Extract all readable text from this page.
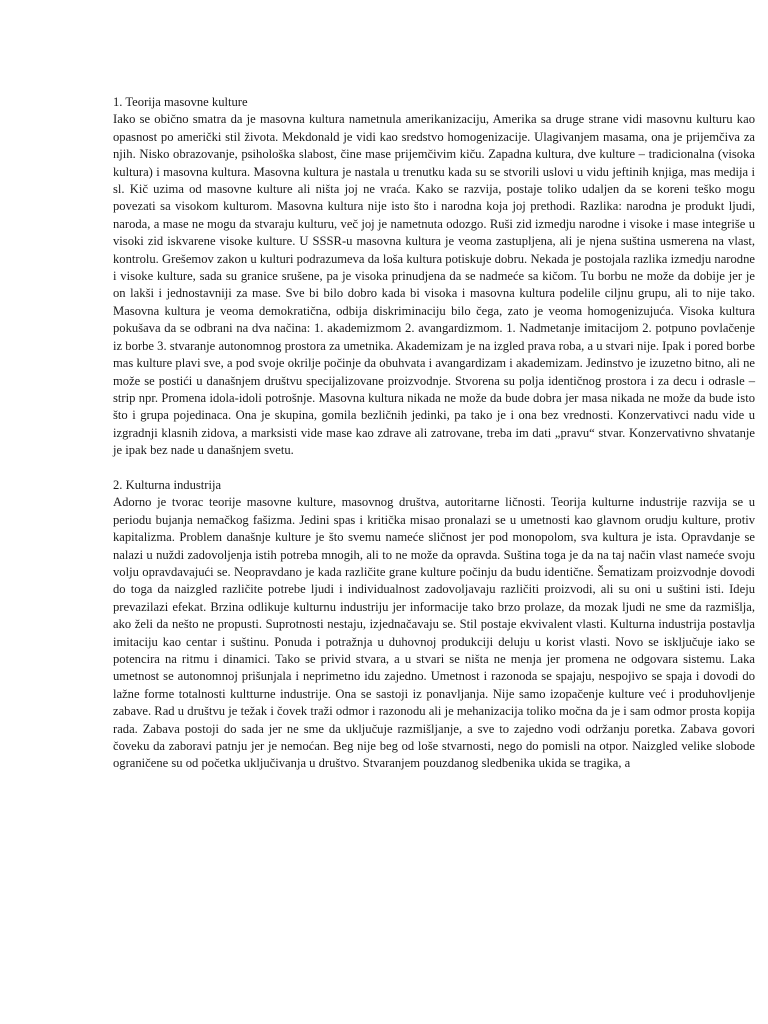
1. Teorija masovne kulture

Iako se obično smatra da je masovna kultura nametnula amerikanizaciju, Amerika sa druge strane vidi masovnu kulturu kao opasnost po američki stil života. Mekdonald je vidi kao sredstvo homogenizacije. Ulagivanjem masama, ona je prijemčiva za njih. Nisko obrazovanje, psihološka slabost, čine mase prijemčivim kiču. Zapadna kultura, dve kulture – tradicionalna (visoka kultura) i masovna kultura. Masovna kultura je nastala u trenutku kada su se stvorili uslovi u vidu jeftinih knjiga, mas medija i sl. Kič uzima od masovne kulture ali ništa joj ne vraća. Kako se razvija, postaje toliko udaljen da se koreni teško mogu povezati sa visokom kulturom. Masovna kultura nije isto što i narodna koja joj prethodi. Razlika: narodna je produkt ljudi, naroda, a mase ne mogu da stvaraju kulturu, več joj je nametnuta odozgo. Ruši zid izmedju narodne i visoke i mase integriše u visoki zid iskvarene visoke kulture. U SSSR-u masovna kultura je veoma zastupljena, ali je njena suština usmerena na vlast, kontrolu. Grešemov zakon u kulturi podrazumeva da loša kultura potiskuje dobru. Nekada je postojala razlika izmedju narodne i visoke kulture, sada su granice srušene, pa je visoka prinudjena da se nadmeće sa kičom. Tu borbu ne može da dobije jer je on lakši i jednostavniji za mase. Sve bi bilo dobro kada bi visoka i masovna kultura podelile ciljnu grupu, ali to nije tako. Masovna kultura je veoma demokratična, odbija diskriminaciju bilo čega, zato je veoma homogenizujuća. Visoka kultura pokušava da se odbrani na dva načina: 1. akademizmom 2. avangardizmom. 1. Nadmetanje imitacijom 2. potpuno povlačenje iz borbe 3. stvaranje autonomnog prostora za umetnika. Akademizam je na izgled prava roba, a u stvari nije. Ipak i pored borbe mas kulture plavi sve, a pod svoje okrilje počinje da obuhvata i avangardizam i akademizam. Jedinstvo je izuzetno bitno, ali ne može se postići u današnjem društvu specijalizovane proizvodnje. Stvorena su polja identičnog prostora i za decu i odrasle – strip npr. Promena idola-idoli potrošnje. Masovna kultura nikada ne može da bude dobra jer masa nikada ne može da bude isto što i grupa pojedinaca. Ona je skupina, gomila bezličnih jedinki, pa tako je i ona bez vrednosti. Konzervativci nadu vide u izgradnji klasnih zidova, a marksisti vide mase kao zdrave ali zatrovane, treba im dati „pravu“ stvar. Konzervativno shvatanje je ipak bez nade u današnjem svetu.

2. Kulturna industrija

Adorno je tvorac teorije masovne kulture, masovnog društva, autoritarne ličnosti. Teorija kulturne industrije razvija se u periodu bujanja nemačkog fašizma. Jedini spas i kritička misao pronalazi se u umetnosti kao glavnom orudju kulture, protiv kapitalizma. Problem današnje kulture je što svemu nameće sličnost jer pod monopolom, sva kultura je ista. Opravdanje se nalazi u nuždi zadovoljenja istih potreba mnogih, ali to ne može da opravda. Suština toga je da na taj način vlast nameće svoju volju opravdavajući se. Neopravdano je kada različite grane kulture počinju da budu identične. Šematizam proizvodnje dovodi do toga da naizgled različite potrebe ljudi i individualnost zadovoljavaju različiti proizvodi, ali su oni u suštini isti. Ideju prevazilazi efekat. Brzina odlikuje kulturnu industriju jer informacije tako brzo prolaze, da mozak ljudi ne sme da razmišlja, ako želi da nešto ne propusti. Suprotnosti nestaju, izjednačavaju se. Stil postaje ekvivalent vlasti. Kulturna industrija postavlja imitaciju kao centar i suštinu. Ponuda i potražnja u duhovnoj produkciji deluju u korist vlasti. Novo se isključuje iako se potencira na ritmu i dinamici. Tako se privid stvara, a u stvari se ništa ne menja jer promena ne odgovara sistemu. Laka umetnost se autonomnoj prišunjala i neprimetno idu zajedno. Umetnost i razonoda se spajaju, nespojivo se spaja i dovodi do lažne forme totalnosti kultturne industrije. Ona se sastoji iz ponavljanja. Nije samo izopačenje kulture već i produhovljenje zabave. Rad u društvu je težak i čovek traži odmor i razonodu ali je mehanizacija toliko močna da je i sam odmor prosta kopija rada. Zabava postoji do sada jer ne sme da uključuje razmišljanje, a sve to zajedno vodi održanju poretka. Zabava govori čoveku da zaboravi patnju jer je nemoćan. Beg nije beg od loše stvarnosti, nego do pomisli na otpor. Naizgled velike slobode ograničene su od početka uključivanja u društvo. Stvaranjem pouzdanog sledbenika ukida se tragika, a
